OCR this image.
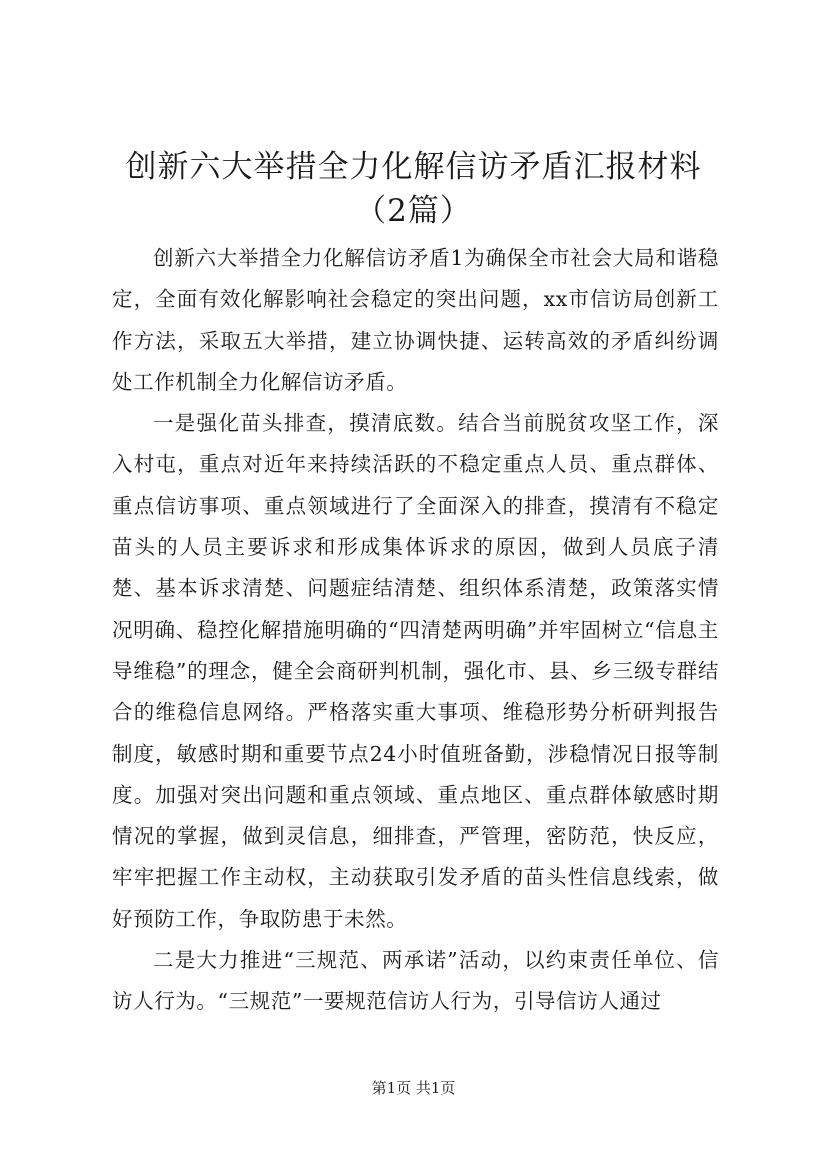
创新六大举措全力化解信访矛盾汇报材料（2篇）

创新六大举措全力化解信访矛盾1为确保全市社会大局和谐稳定，全面有效化解影响社会稳定的突出问题，xx市信访局创新工作方法，采取五大举措，建立协调快捷、运转高效的矛盾纠纷调处工作机制全力化解信访矛盾。

一是强化苗头排查，摸清底数。结合当前脱贫攻坚工作，深入村屯，重点对近年来持续活跃的不稳定重点人员、重点群体、重点信访事项、重点领域进行了全面深入的排查，摸清有不稳定苗头的人员主要诉求和形成集体诉求的原因，做到人员底子清楚、基本诉求清楚、问题症结清楚、组织体系清楚，政策落实情况明确、稳控化解措施明确的“四清楚两明确”并牢固树立“信息主导维稳”的理念，健全会商研判机制，强化市、县、乡三级专群结合的维稳信息网络。严格落实重大事项、维稳形势分析研判报告制度，敏感时期和重要节点24小时值班备勤，涉稳情况日报等制度。加强对突出问题和重点领域、重点地区、重点群体敏感时期情况的掌握，做到灵信息，细排查，严管理，密防范，快反应，牢牢把握工作主动权，主动获取引发矛盾的苗头性信息线索，做好预防工作，争取防患于未然。

二是大力推进“三规范、两承诺”活动，以约束责任单位、信访人行为。“三规范”一要规范信访人行为，引导信访人通过

第1页 共1页
